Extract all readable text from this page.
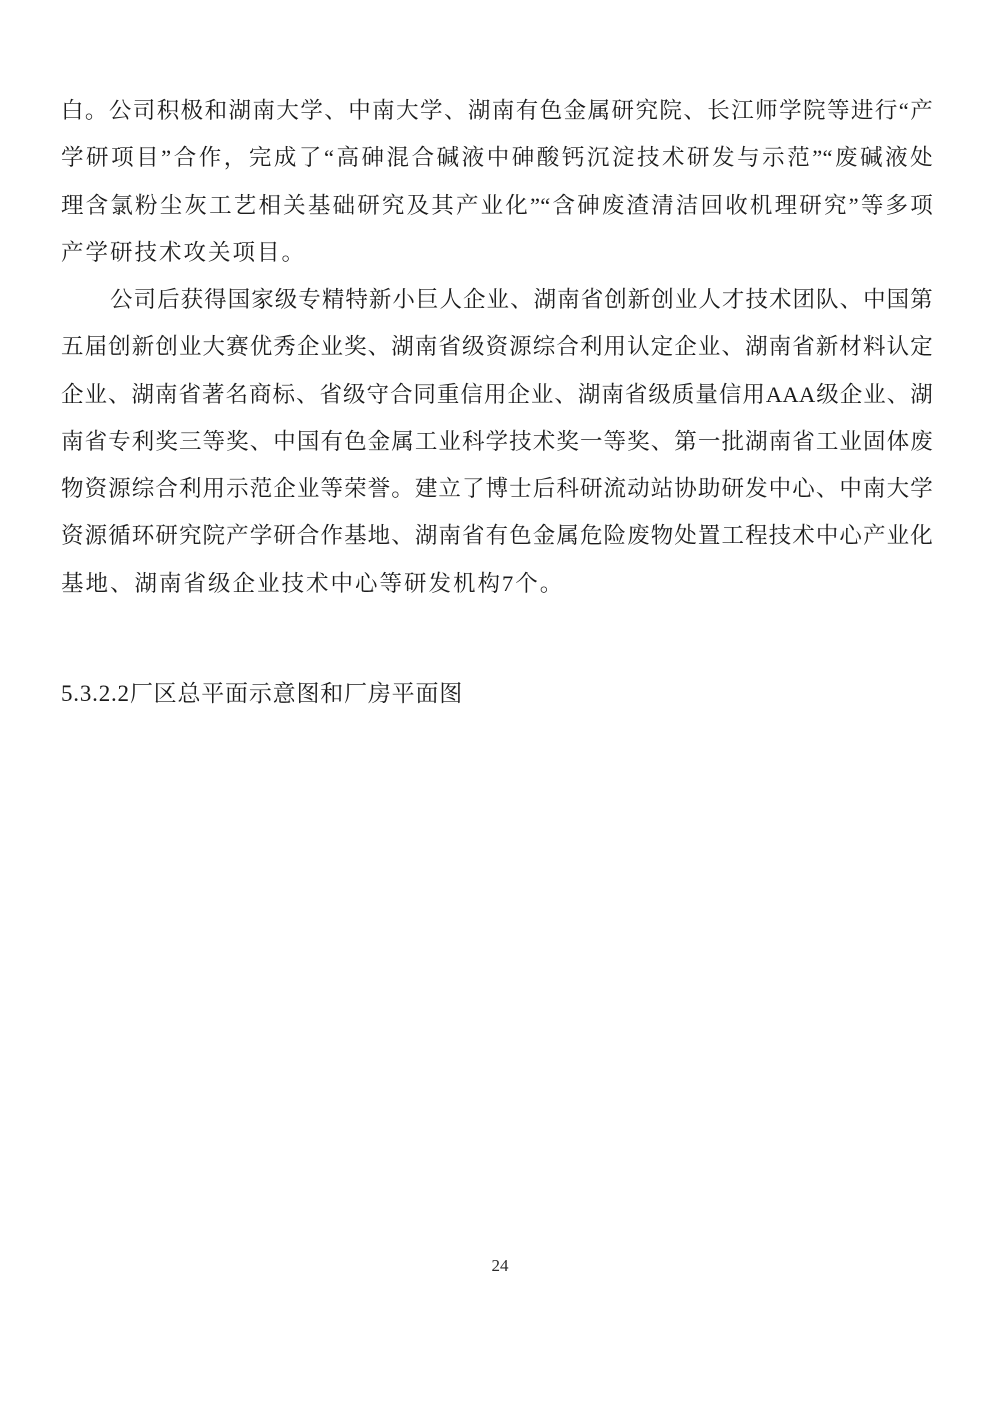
白。公司积极和湖南大学、中南大学、湖南有色金属研究院、长江师学院等进行“产
学研项目”合作，完成了“高砷混合碱液中砷酸钙沉淀技术研发与示范”“废碱液处
理含氯粉尘灰工艺相关基础研究及其产业化”“含砷废渣清洁回收机理研究”等多项
产学研技术攻关项目。

公司后获得国家级专精特新小巨人企业、湖南省创新创业人才技术团队、中国第
五届创新创业大赛优秀企业奖、湖南省级资源综合利用认定企业、湖南省新材料认定
企业、湖南省著名商标、省级守合同重信用企业、湖南省级质量信用AAA级企业、湖
南省专利奖三等奖、中国有色金属工业科学技术奖一等奖、第一批湖南省工业固体废
物资源综合利用示范企业等荣誉。建立了博士后科研流动站协助研发中心、中南大学
资源循环研究院产学研合作基地、湖南省有色金属危险废物处置工程技术中心产业化
基地、湖南省级企业技术中心等研发机构7个。

5.3.2.2厂区总平面示意图和厂房平面图
24
